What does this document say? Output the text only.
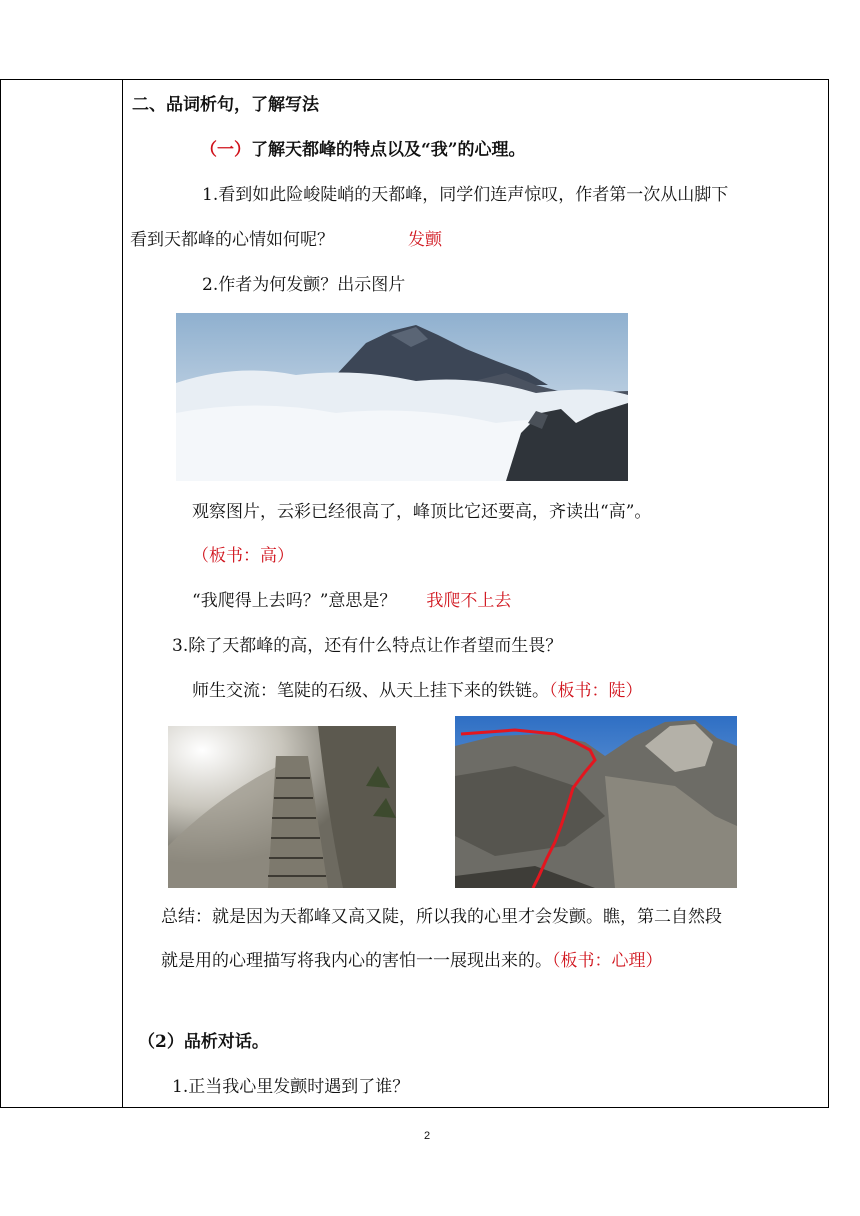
二、品词析句，了解写法
（一）了解天都峰的特点以及“我”的心理。
1.看到如此险峻陡峭的天都峰，同学们连声惊叹，作者第一次从山脚下
看到天都峰的心情如何呢？	发颤
2.作者为何发颤？出示图片
观察图片，云彩已经很高了，峰顶比它还要高，齐读出“高”。
（板书：高）
“我爬得上去吗？”意思是？ 我爬不上去
3.除了天都峰的高，还有什么特点让作者望而生畏？
师生交流：笔陡的石级、从天上挂下来的铁链。（板书：陡）
总结：就是因为天都峰又高又陡，所以我的心里才会发颤。瞧，第二自然段
就是用的心理描写将我内心的害怕一一展现出来的。（板书：心理）
（2）品析对话。
1.正当我心里发颤时遇到了谁？
2
